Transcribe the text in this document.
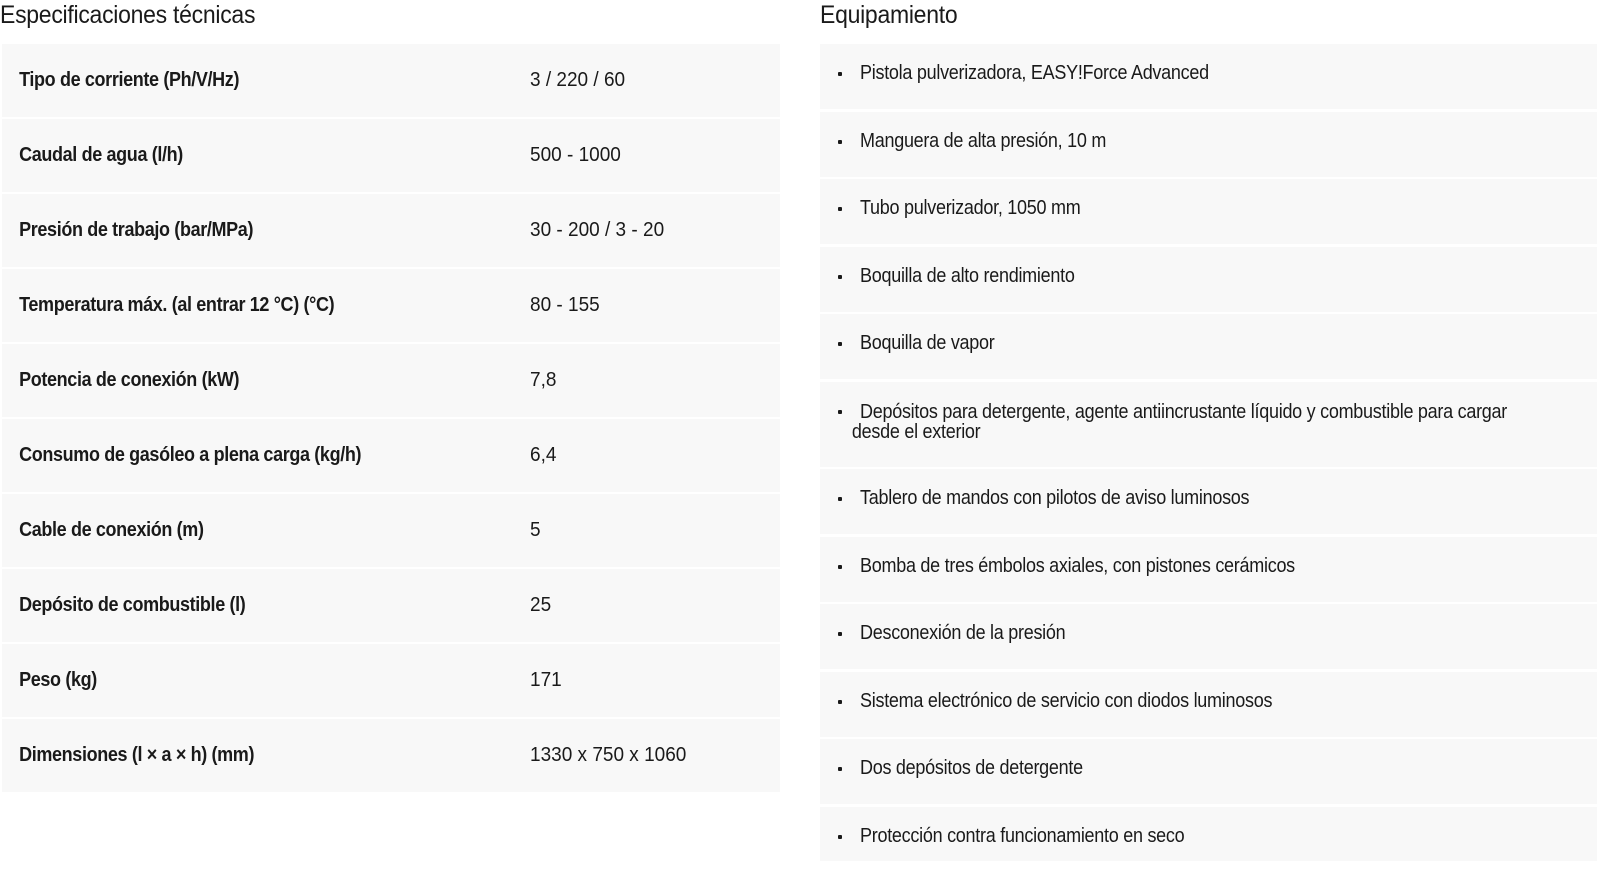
Especificaciones técnicas
Tipo de corriente (Ph/V/Hz)	3 / 220 / 60
Caudal de agua (l/h)	500 - 1000
Presión de trabajo (bar/MPa)	30 - 200 / 3 - 20
Temperatura máx. (al entrar 12 °C) (°C)	80 - 155
Potencia de conexión (kW)	7,8
Consumo de gasóleo a plena carga (kg/h)	6,4
Cable de conexión (m)	5
Depósito de combustible (l)	25
Peso (kg)	171
Dimensiones (l × a × h) (mm)	1330 x 750 x 1060
Equipamiento
Pistola pulverizadora, EASY!Force Advanced
Manguera de alta presión, 10 m
Tubo pulverizador, 1050 mm
Boquilla de alto rendimiento
Boquilla de vapor
Depósitos para detergente, agente antiincrustante líquido y combustible para cargar
desde el exterior
Tablero de mandos con pilotos de aviso luminosos
Bomba de tres émbolos axiales, con pistones cerámicos
Desconexión de la presión
Sistema electrónico de servicio con diodos luminosos
Dos depósitos de detergente
Protección contra funcionamiento en seco
